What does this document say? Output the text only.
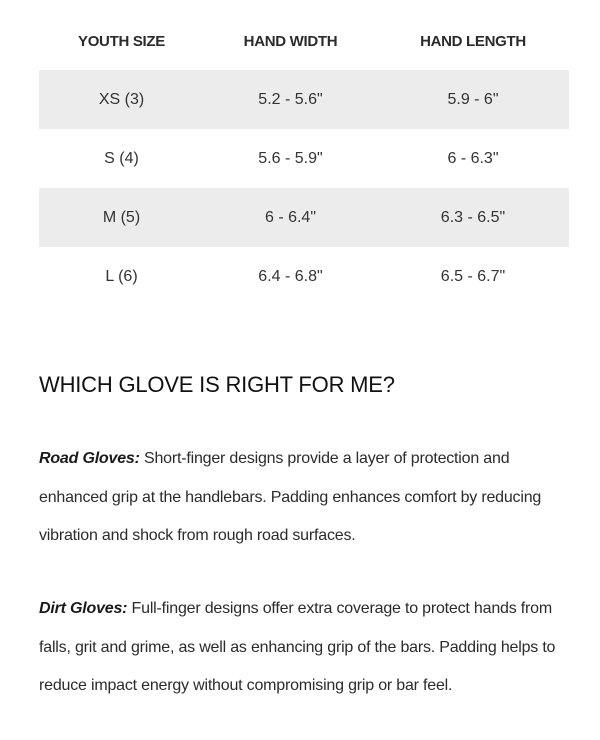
YOUTH SIZE	HAND WIDTH	HAND LENGTH
XS (3)	5.2 - 5.6"	5.9 - 6"
S (4)	5.6 - 5.9"	6 - 6.3"
M (5)	6 - 6.4"	6.3 - 6.5"
L (6)	6.4 - 6.8"	6.5 - 6.7"
WHICH GLOVE IS RIGHT FOR ME?

Road Gloves: Short-finger designs provide a layer of protection and enhanced grip at the handlebars. Padding enhances comfort by reducing vibration and shock from rough road surfaces.

Dirt Gloves: Full-finger designs offer extra coverage to protect hands from falls, grit and grime, as well as enhancing grip of the bars. Padding helps to reduce impact energy without compromising grip or bar feel.
